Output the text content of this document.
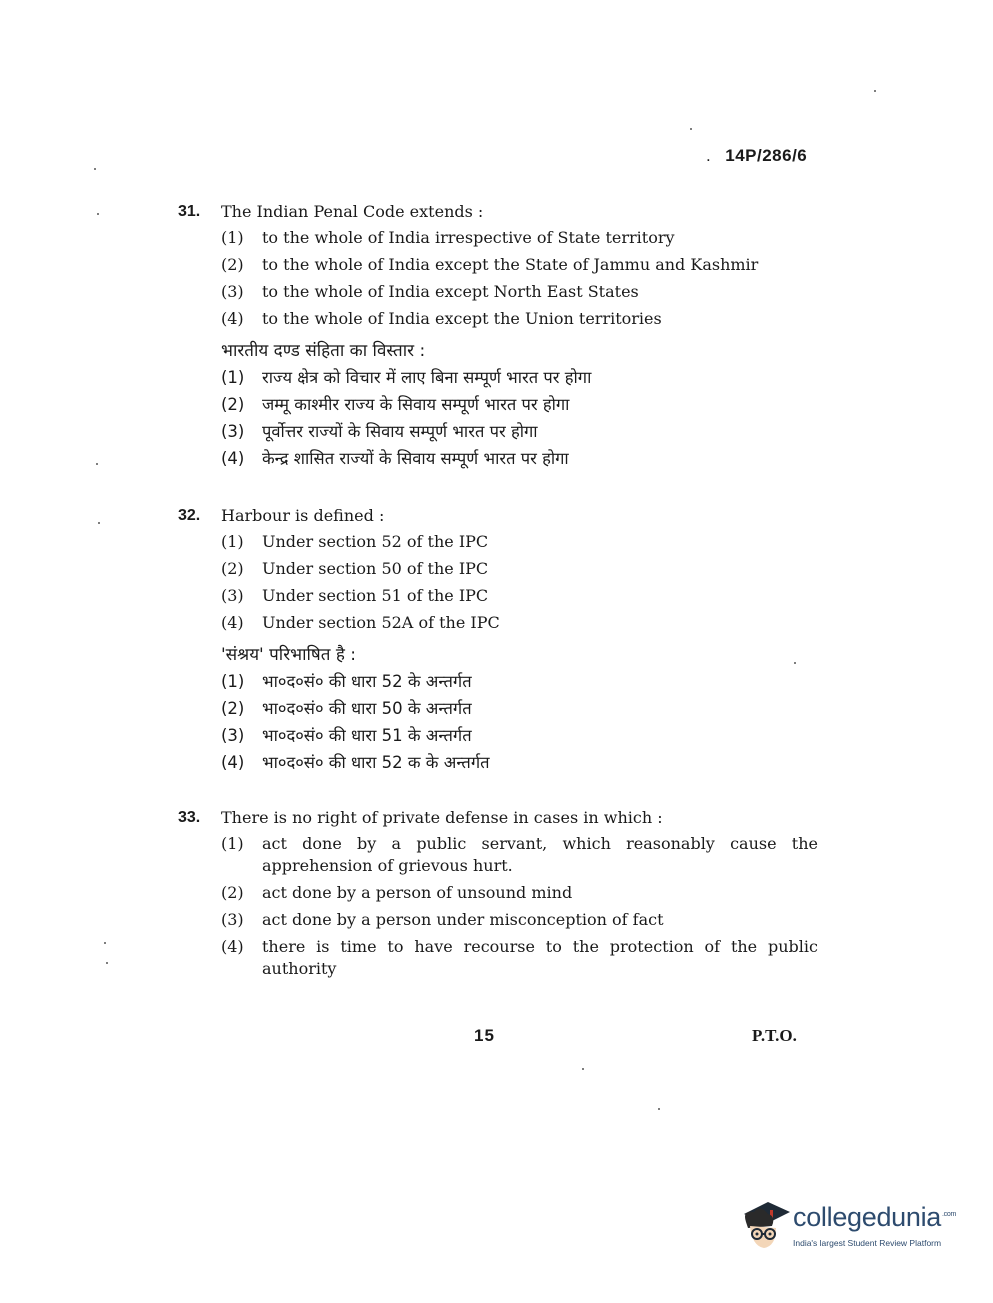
. 14P/286/6
31.	The Indian Penal Code extends :
(1)	to the whole of India irrespective of State territory
(2)	to the whole of India except the State of Jammu and Kashmir
(3)	to the whole of India except North East States
(4)	to the whole of India except the Union territories
भारतीय दण्ड संहिता का विस्तार :
(1)	राज्य क्षेत्र को विचार में लाए बिना सम्पूर्ण भारत पर होगा
(2)	जम्मू काश्मीर राज्य के सिवाय सम्पूर्ण भारत पर होगा
(3)	पूर्वोत्तर राज्यों के सिवाय सम्पूर्ण भारत पर होगा
(4)	केन्द्र शासित राज्यों के सिवाय सम्पूर्ण भारत पर होगा
32.	Harbour is defined :
(1)	Under section 52 of the IPC
(2)	Under section 50 of the IPC
(3)	Under section 51 of the IPC
(4)	Under section 52A of the IPC
'संश्रय' परिभाषित है :
(1)	भा०द०सं० की धारा 52 के अन्तर्गत
(2)	भा०द०सं० की धारा 50 के अन्तर्गत
(3)	भा०द०सं० की धारा 51 के अन्तर्गत
(4)	भा०द०सं० की धारा 52 क के अन्तर्गत
33.	There is no right of private defense in cases in which :
(1)	act done by a public servant, which reasonably cause the apprehension of grievous hurt.
(2)	act done by a person of unsound mind
(3)	act done by a person under misconception of fact
(4)	there is time to have recourse to the protection of the public authority
15	P.T.O.
collegedunia$^{.com}$
India's largest Student Review Platform
